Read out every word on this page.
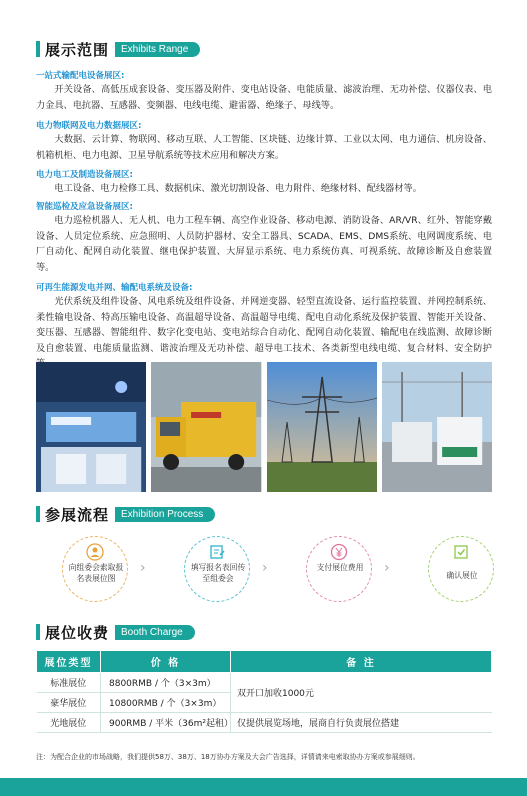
展示范围	Exhibits Range
一站式输配电设备展区:
开关设备、高低压成套设备、变压器及附件、变电站设备、电能质量、滤波治理、无功补偿、仪器仪表、电力金具、电抗器、互感器、变频器、电线电缆、避雷器、绝缘子、母线等。
电力物联网及电力数据展区:
大数据、云计算、物联网、移动互联、人工智能、区块链、边缘计算、工业以太网、电力通信、机房设备、机箱机柜、电力电源、卫星导航系统等技术应用和解决方案。
电力电工及制造设备展区:
电工设备、电力检修工具、数据机床、激光切割设备、电力附件、绝缘材料、配线器材等。
智能巡检及应急设备展区:
电力巡检机器人、无人机、电力工程车辆、高空作业设备、移动电源、消防设备、AR/VR、红外、智能穿戴设备、人员定位系统、应急照明、人员防护器材、安全工器具、SCADA、EMS、DMS系统、电网调度系统、电厂自动化、配网自动化装置、继电保护装置、大屏显示系统、电力系统仿真、可视系统、故障诊断及自愈装置等。
可再生能源发电并网、输配电系统及设备:
光伏系统及组件设备、风电系统及组件设备、并网逆变器、轻型直流设备、运行监控装置、并网控制系统、柔性输电设备、特高压输电设备、高温超导设备、高温超导电缆、配电自动化系统及保护装置、智能开关设备、变压器、互感器、智能组件、数字化变电站、变电站综合自动化、配网自动化装置、输配电在线监测、故障诊断及自愈装置、电能质量监测、谐波治理及无功补偿、超导电工技术、各类新型电线电缆、复合材料、安全防护
参展流程	Exhibition Process
1
向组委会索取报名表展位图
› 2
填写报名表回传至组委会
› 3
支付展位费用	› 4 确认展位
展位收费	Booth Charge
展位类型	价 格	备 注
标准展位	8800RMB / 个（3×3m）	双开口加收1000元
豪华展位	10800RMB / 个（3×3m）	
光地展位	900RMB / 平米（36m²起租）	仅提供展览场地，展商自行负责展位搭建
注：为配合企业的市场战略，我们提供58万、38万、18万协办方案及大会广告选择，详情请来电索取协办方案或参展细则。
